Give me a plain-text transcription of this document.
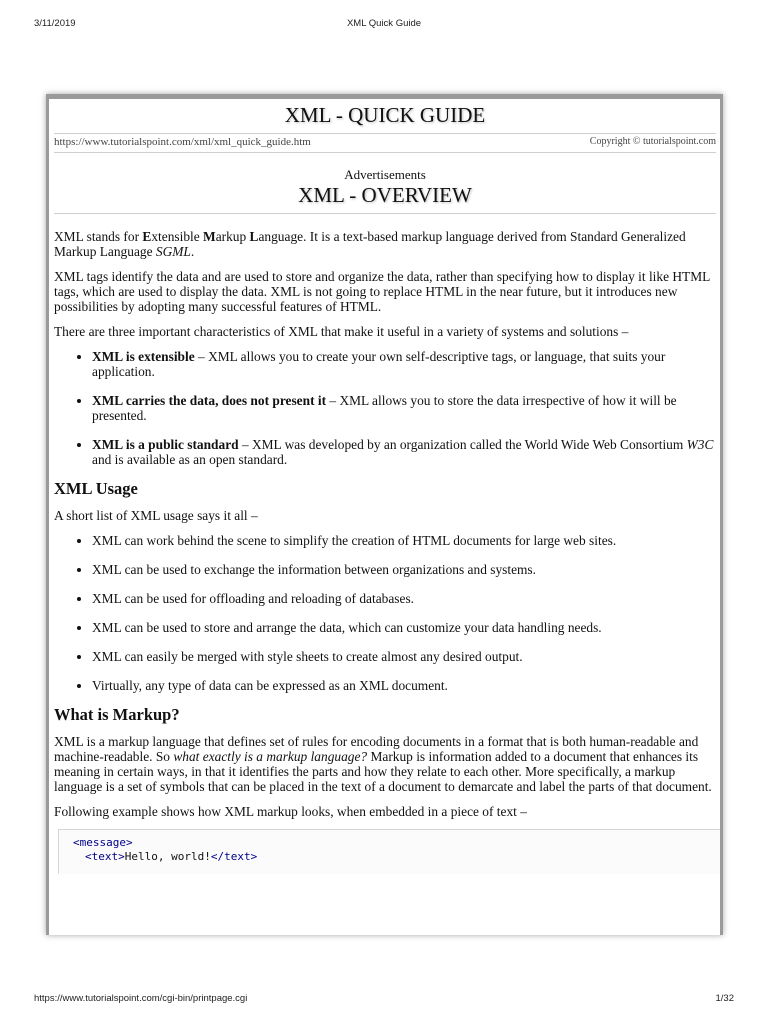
3/11/2019	XML Quick Guide
XML - QUICK GUIDE
https://www.tutorialspoint.com/xml/xml_quick_guide.htm	Copyright © tutorialspoint.com
Advertisements
XML - OVERVIEW

XML stands for Extensible Markup Language. It is a text-based markup language derived from Standard Generalized Markup Language SGML.

XML tags identify the data and are used to store and organize the data, rather than specifying how to display it like HTML tags, which are used to display the data. XML is not going to replace HTML in the near future, but it introduces new possibilities by adopting many successful features of HTML.

There are three important characteristics of XML that make it useful in a variety of systems and solutions –

• XML is extensible – XML allows you to create your own self-descriptive tags, or language, that suits your application.
• XML carries the data, does not present it – XML allows you to store the data irrespective of how it will be presented.
• XML is a public standard – XML was developed by an organization called the World Wide Web Consortium W3C and is available as an open standard.
XML Usage

A short list of XML usage says it all –

• XML can work behind the scene to simplify the creation of HTML documents for large web sites.
• XML can be used to exchange the information between organizations and systems.
• XML can be used for offloading and reloading of databases.
• XML can be used to store and arrange the data, which can customize your data handling needs.
• XML can easily be merged with style sheets to create almost any desired output.
• Virtually, any type of data can be expressed as an XML document.
What is Markup?

XML is a markup language that defines set of rules for encoding documents in a format that is both human-readable and machine-readable. So what exactly is a markup language? Markup is information added to a document that enhances its meaning in certain ways, in that it identifies the parts and how they relate to each other. More specifically, a markup language is a set of symbols that can be placed in the text of a document to demarcate and label the parts of that document.

Following example shows how XML markup looks, when embedded in a piece of text –

<message>
<text>Hello, world!</text>
https://www.tutorialspoint.com/cgi-bin/printpage.cgi	1/32
